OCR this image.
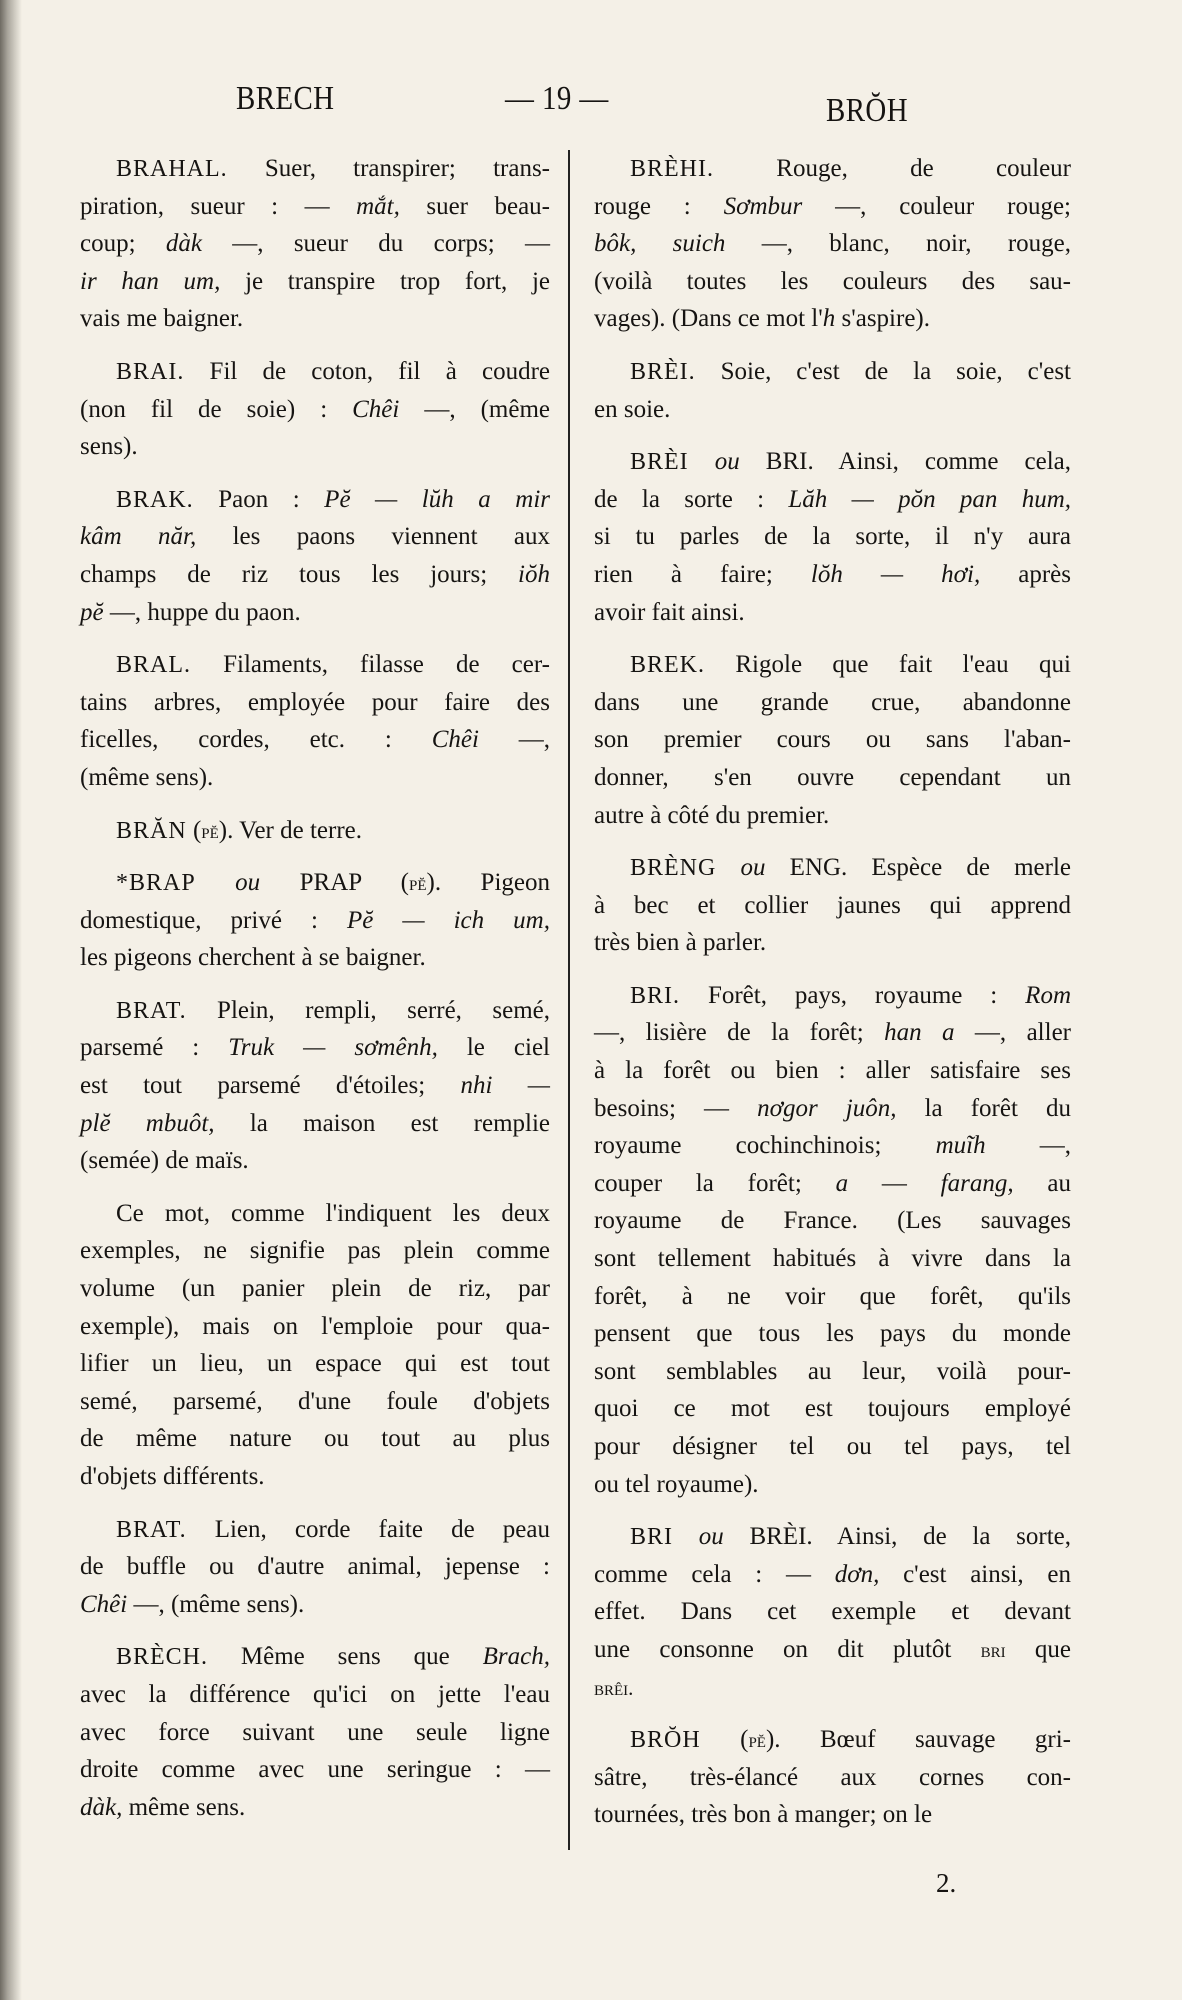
BRECH	— 19 —	BRŎH
BRAHAL. Suer, transpirer; trans-
piration, sueur : — mắt, suer beau-
coup; dàk —, sueur du corps; —
ir han um, je transpire trop fort, je
vais me baigner.
BRAI. Fil de coton, fil à coudre
(non fil de soie) : Chêi —, (même
sens).
BRAK. Paon : Pĕ — lŭh a mir
kâm năr, les paons viennent aux
champs de riz tous les jours; iŏh
pĕ —, huppe du paon.
BRAL. Filaments, filasse de cer-
tains arbres, employée pour faire des
ficelles, cordes, etc. : Chêi —,
(même sens).
BRĂN (pĕ). Ver de terre.
*BRAP ou PRAP (pĕ). Pigeon
domestique, privé : Pĕ — ich um,
les pigeons cherchent à se baigner.
BRAT. Plein, rempli, serré, semé,
parsemé : Truk — sơmênh, le ciel
est tout parsemé d'étoiles; nhi —
plĕ mbuôt, la maison est remplie
(semée) de maïs.
Ce mot, comme l'indiquent les deux
exemples, ne signifie pas plein comme
volume (un panier plein de riz, par
exemple), mais on l'emploie pour qua-
lifier un lieu, un espace qui est tout
semé, parsemé, d'une foule d'objets
de même nature ou tout au plus
d'objets différents.
BRAT. Lien, corde faite de peau
de buffle ou d'autre animal, jepense :
Chêi —, (même sens).
BRÈCH. Même sens que Brach,
avec la différence qu'ici on jette l'eau
avec force suivant une seule ligne
droite comme avec une seringue : —
dàk, même sens.
BRÈHI. Rouge, de couleur
rouge : Sơmbur —, couleur rouge;
bôk, suich —, blanc, noir, rouge,
(voilà toutes les couleurs des sau-
vages). (Dans ce mot l'h s'aspire).
BRÈI. Soie, c'est de la soie, c'est
en soie.
BRÈI ou BRI. Ainsi, comme cela,
de la sorte : Lăh — pŏn pan hum,
si tu parles de la sorte, il n'y aura
rien à faire; lŏh — hơi, après
avoir fait ainsi.
BREK. Rigole que fait l'eau qui
dans une grande crue, abandonne
son premier cours ou sans l'aban-
donner, s'en ouvre cependant un
autre à côté du premier.
BRÈNG ou ENG. Espèce de merle
à bec et collier jaunes qui apprend
très bien à parler.
BRI. Forêt, pays, royaume : Rom
—, lisière de la forêt; han a —, aller
à la forêt ou bien : aller satisfaire ses
besoins; — nơgor juôn, la forêt du
royaume cochinchinois; muĩh —,
couper la forêt; a — farang, au
royaume de France. (Les sauvages
sont tellement habitués à vivre dans la
forêt, à ne voir que forêt, qu'ils
pensent que tous les pays du monde
sont semblables au leur, voilà pour-
quoi ce mot est toujours employé
pour désigner tel ou tel pays, tel
ou tel royaume).
BRI ou BRÈI. Ainsi, de la sorte,
comme cela : — dơn, c'est ainsi, en
effet. Dans cet exemple et devant
une consonne on dit plutôt bri que
brêi.
BRŎH (pĕ). Bœuf sauvage gri-
sâtre, très-élancé aux cornes con-
tournées, très bon à manger; on le
2.
